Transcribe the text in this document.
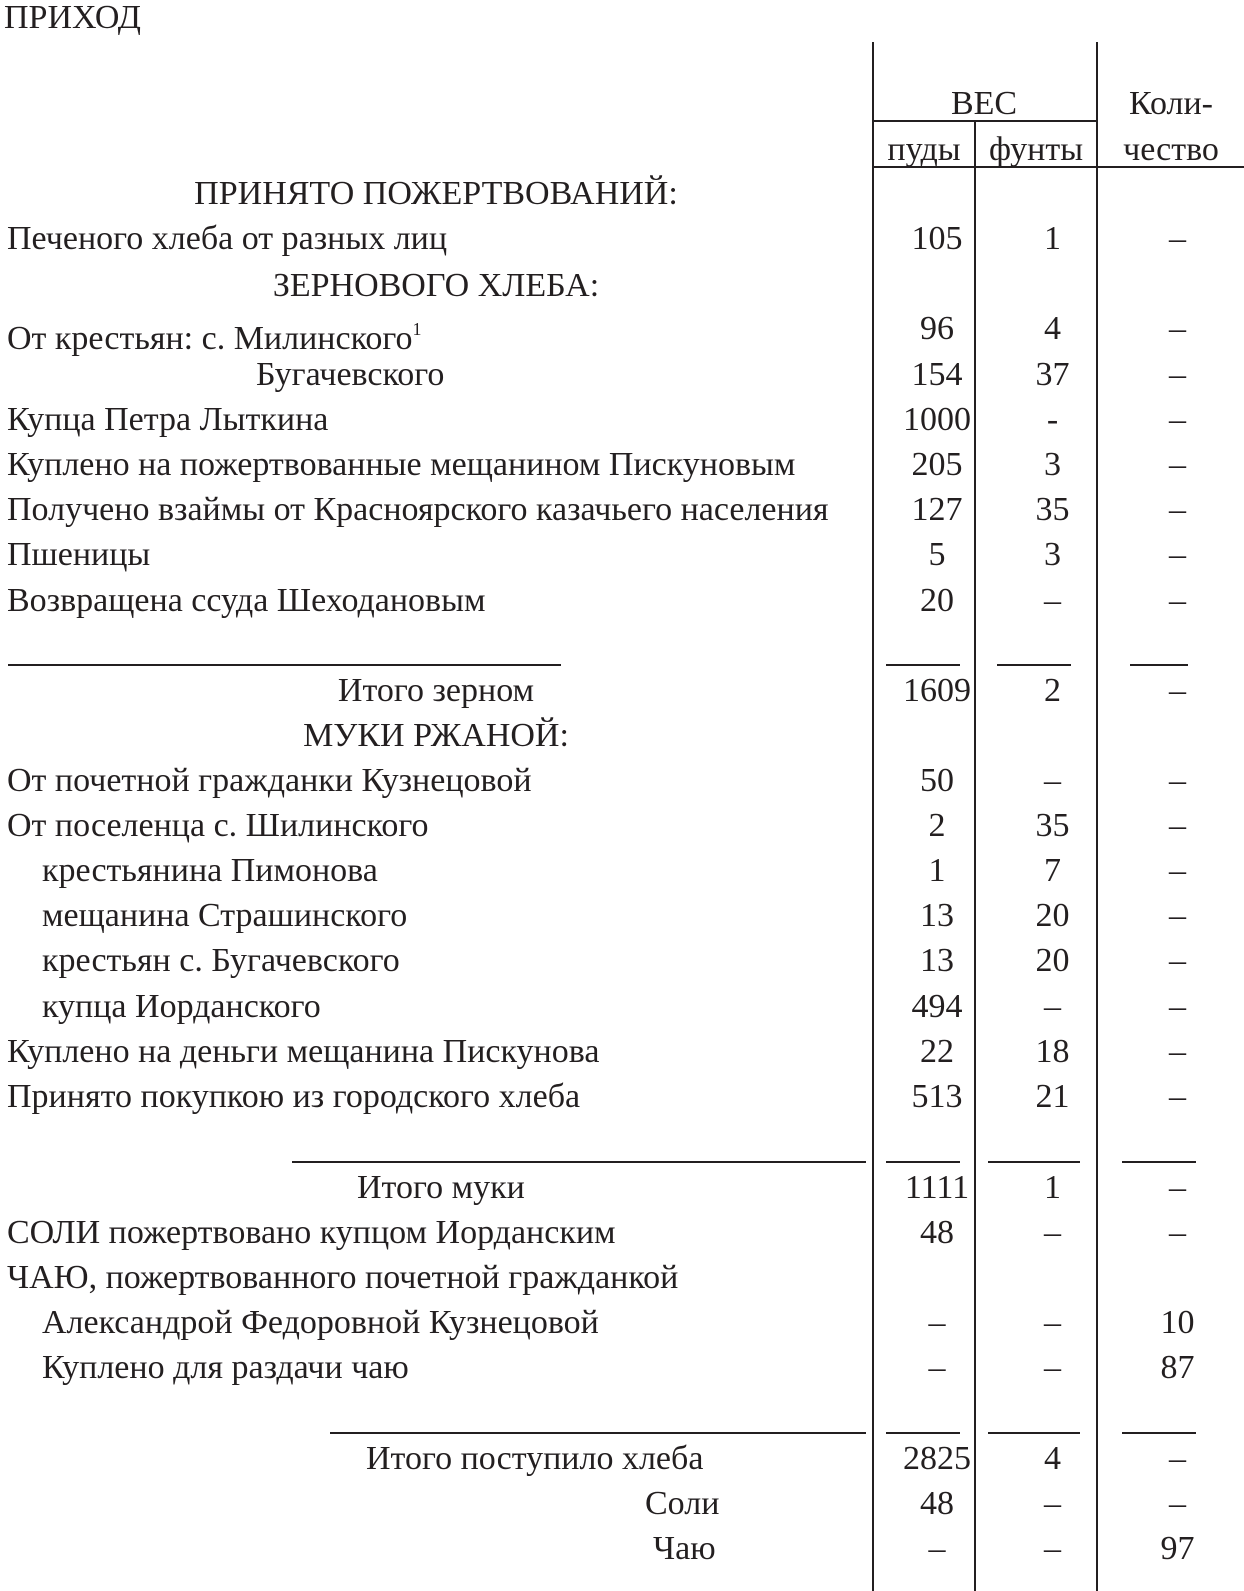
ПРИХОД
ВЕС	Коли-
чество
пуды фунты
ПРИНЯТО ПОЖЕРТВОВАНИЙ:
Печеного хлеба от разных лиц	105	1	–
ЗЕРНОВОГО ХЛЕБА:
От крестьян: с. Милинского$^1$	96	4	–
Бугачевского	154	37	–
Купца Петра Лыткина	1000	-	–
Куплено на пожертвованные мещанином Пискуновым	205	3	–
Получено взаймы от Красноярского казачьего населения	127	35	–
Пшеницы	5	3	–
Возвращена ссуда Шеходановым	20	–	–
Итого зерном	1609	2	–
МУКИ РЖАНОЙ:
От почетной гражданки Кузнецовой	50	–	–
От поселенца с. Шилинского	2	35	–
крестьянина Пимонова	1	7	–
мещанина Страшинского	13	20	–
крестьян с. Бугачевского	13	20	–
купца Иорданского	494	–	–
Куплено на деньги мещанина Пискунова	22	18	–
Принято покупкою из городского хлеба	513	21	–
Итого муки	1111	1	–
СОЛИ пожертвовано купцом Иорданским	48	–	–
ЧАЮ, пожертвованного почетной гражданкой
Александрой Федоровной Кузнецовой	–	–	10
Куплено для раздачи чаю	–	–	87
Итого поступило хлеба	2825	4	–
Соли	48	–	–
Чаю	–	–	97
